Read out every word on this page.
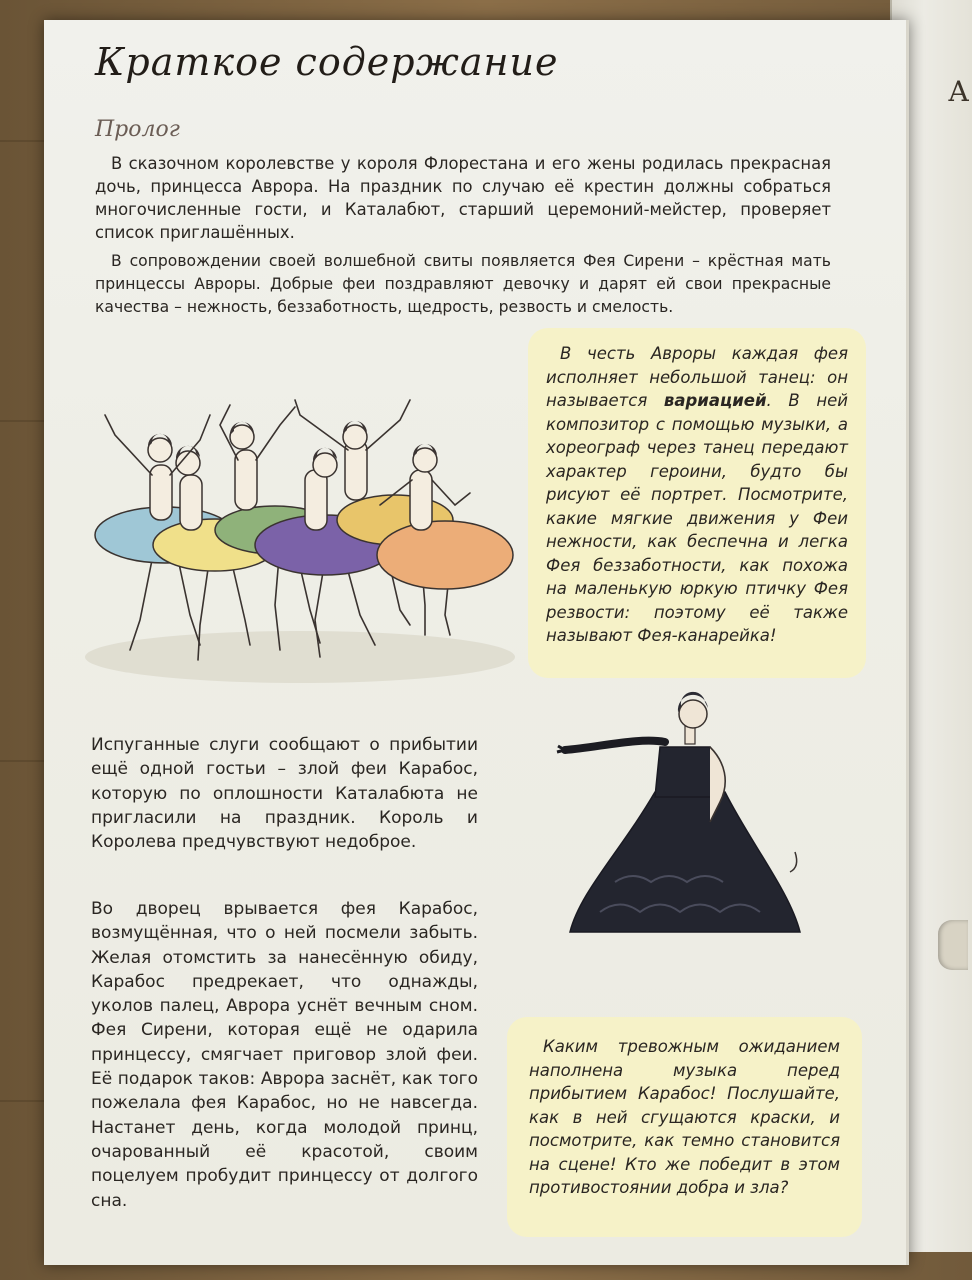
А
Краткое содержание
Пролог

В сказочном королевстве у короля Флорестана и его жены родилась прекрасная дочь, принцесса Аврора. На праздник по случаю её крестин должны собраться многочисленные гости, и Каталабют, старший церемоний-мейстер, проверяет список приглашённых.

В сопровождении своей волшебной свиты появляется Фея Сирени – крёстная мать принцессы Авроры. Добрые феи поздравляют девочку и дарят ей свои прекрасные качества – нежность, беззаботность, щедрость, резвость и смелость.

В честь Авроры каждая фея исполняет небольшой танец: он называется вариацией. В ней композитор с помощью музыки, а хореограф через танец передают характер героини, будто бы рисуют её портрет. Посмотрите, какие мягкие движения у Феи нежности, как беспечна и легка Фея беззаботности, как похожа на маленькую юркую птичку Фея резвости: поэтому её также называют Фея-канарейка!

Испуганные слуги сообщают о прибытии ещё одной гостьи – злой феи Карабос, которую по оплошности Каталабюта не пригласили на праздник. Король и Королева предчувствуют недоброе.

Во дворец врывается фея Карабос, возмущённая, что о ней посмели забыть. Желая отомстить за нанесённую обиду, Карабос предрекает, что однажды, уколов палец, Аврора уснёт вечным сном. Фея Сирени, которая ещё не одарила принцессу, смягчает приговор злой феи. Её подарок таков: Аврора заснёт, как того пожелала фея Карабос, но не навсегда. Настанет день, когда молодой принц, очарованный её красотой, своим поцелуем пробудит принцессу от долгого сна.

Каким тревожным ожиданием наполнена музыка перед прибытием Карабос! Послушайте, как в ней сгущаются краски, и посмотрите, как темно становится на сцене! Кто же победит в этом противостоянии добра и зла?
